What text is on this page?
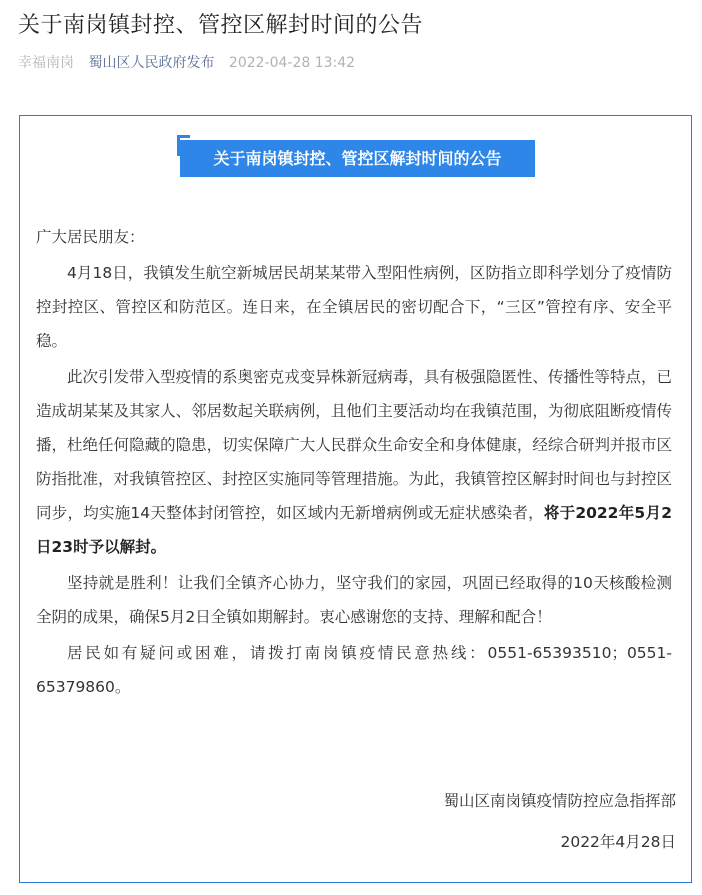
关于南岗镇封控、管控区解封时间的公告
幸福南岗 蜀山区人民政府发布 2022-04-28 13:42
关于南岗镇封控、管控区解封时间的公告

广大居民朋友：

4月18日，我镇发生航空新城居民胡某某带入型阳性病例，区防指立即科学划分了疫情防控封控区、管控区和防范区。连日来，在全镇居民的密切配合下，“三区”管控有序、安全平稳。

此次引发带入型疫情的系奥密克戎变异株新冠病毒，具有极强隐匿性、传播性等特点，已造成胡某某及其家人、邻居数起关联病例，且他们主要活动均在我镇范围，为彻底阻断疫情传播，杜绝任何隐藏的隐患，切实保障广大人民群众生命安全和身体健康，经综合研判并报市区防指批准，对我镇管控区、封控区实施同等管理措施。为此，我镇管控区解封时间也与封控区同步，均实施14天整体封闭管控，如区域内无新增病例或无症状感染者，将于2022年5月2日23时予以解封。

坚持就是胜利！让我们全镇齐心协力，坚守我们的家园，巩固已经取得的10天核酸检测全阴的成果，确保5月2日全镇如期解封。衷心感谢您的支持、理解和配合！

居民如有疑问或困难，请拨打南岗镇疫情民意热线：0551-65393510；0551-65379860。

蜀山区南岗镇疫情防控应急指挥部
2022年4月28日
